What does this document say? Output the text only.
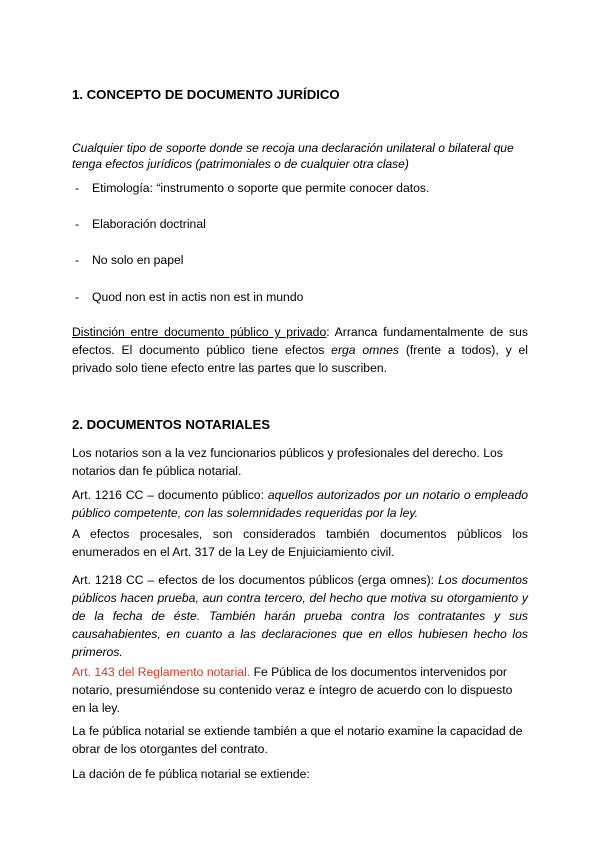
1. CONCEPTO DE DOCUMENTO JURÍDICO
Cualquier tipo de soporte donde se recoja una declaración unilateral o bilateral que tenga efectos jurídicos (patrimoniales o de cualquier otra clase)
- Etimología: “instrumento o soporte que permite conocer datos.
- Elaboración doctrinal
- No solo en papel
- Quod non est in actis non est in mundo
Distinción entre documento público y privado: Arranca fundamentalmente de sus efectos. El documento público tiene efectos erga omnes (frente a todos), y el privado solo tiene efecto entre las partes que lo suscriben.
2. DOCUMENTOS NOTARIALES
Los notarios son a la vez funcionarios públicos y profesionales del derecho. Los notarios dan fe pública notarial.
Art. 1216 CC – documento público: aquellos autorizados por un notario o empleado público competente, con las solemnidades requeridas por la ley.
A efectos procesales, son considerados también documentos públicos los enumerados en el Art. 317 de la Ley de Enjuiciamiento civil.
Art. 1218 CC – efectos de los documentos públicos (erga omnes): Los documentos públicos hacen prueba, aun contra tercero, del hecho que motiva su otorgamiento y de la fecha de éste. También harán prueba contra los contratantes y sus causahabientes, en cuanto a las declaraciones que en ellos hubiesen hecho los primeros.
Art. 143 del Reglamento notarial. Fe Pública de los documentos intervenidos por notario, presumiéndose su contenido veraz e íntegro de acuerdo con lo dispuesto en la ley.
La fe pública notarial se extiende también a que el notario examine la capacidad de obrar de los otorgantes del contrato.
La dación de fe pública notarial se extiende:
